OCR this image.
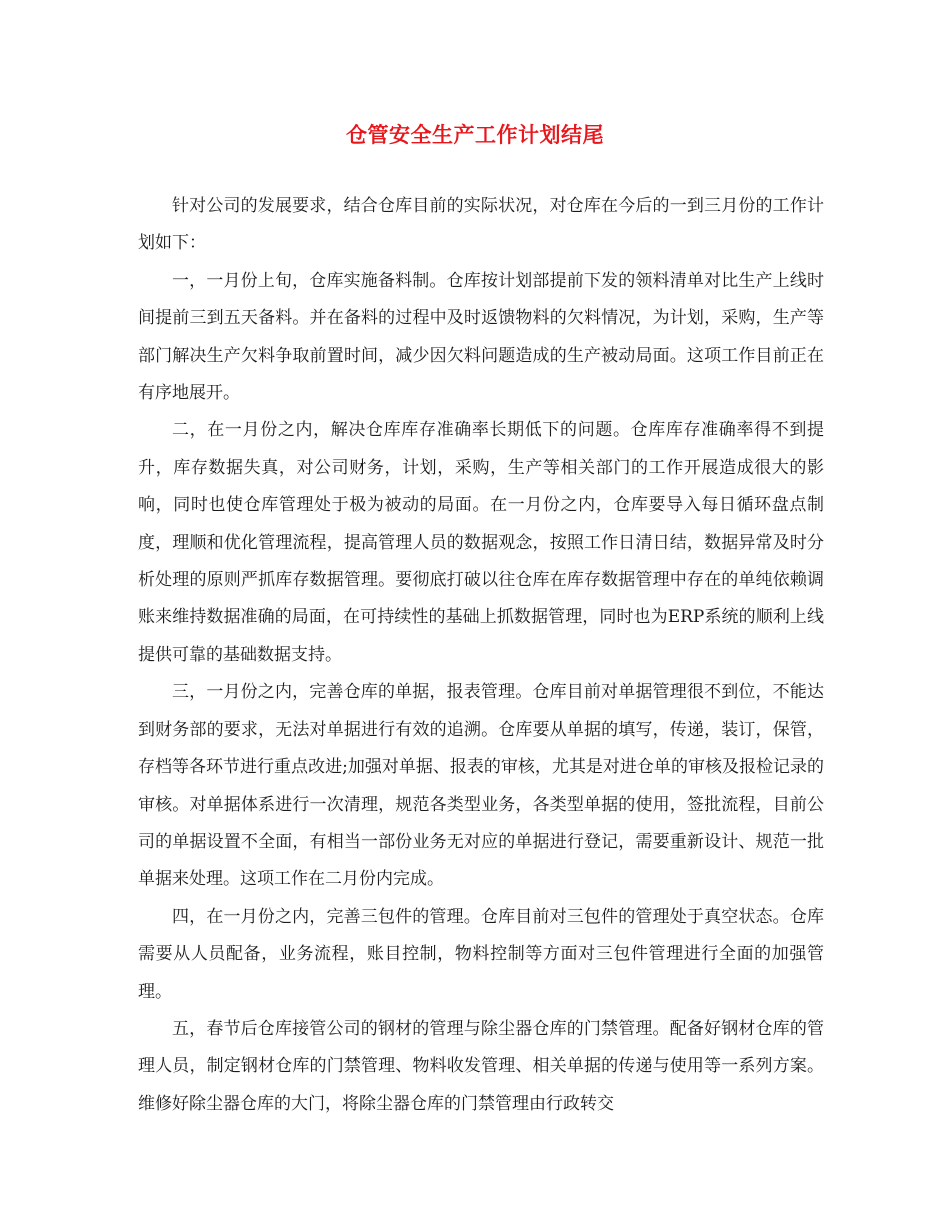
仓管安全生产工作计划结尾

针对公司的发展要求，结合仓库目前的实际状况，对仓库在今后的一到三月份的工作计划如下：

一，一月份上旬，仓库实施备料制。仓库按计划部提前下发的领料清单对比生产上线时间提前三到五天备料。并在备料的过程中及时返馈物料的欠料情况，为计划，采购，生产等部门解决生产欠料争取前置时间，减少因欠料问题造成的生产被动局面。这项工作目前正在有序地展开。

二，在一月份之内，解决仓库库存准确率长期低下的问题。仓库库存准确率得不到提升，库存数据失真，对公司财务，计划，采购，生产等相关部门的工作开展造成很大的影响，同时也使仓库管理处于极为被动的局面。在一月份之内，仓库要导入每日循环盘点制度，理顺和优化管理流程，提高管理人员的数据观念，按照工作日清日结，数据异常及时分析处理的原则严抓库存数据管理。要彻底打破以往仓库在库存数据管理中存在的单纯依赖调账来维持数据准确的局面，在可持续性的基础上抓数据管理，同时也为ERP系统的顺利上线提供可靠的基础数据支持。

三，一月份之内，完善仓库的单据，报表管理。仓库目前对单据管理很不到位，不能达到财务部的要求，无法对单据进行有效的追溯。仓库要从单据的填写，传递，装订，保管，存档等各环节进行重点改进;加强对单据、报表的审核，尤其是对进仓单的审核及报检记录的审核。对单据体系进行一次清理，规范各类型业务，各类型单据的使用，签批流程，目前公司的单据设置不全面，有相当一部份业务无对应的单据进行登记，需要重新设计、规范一批单据来处理。这项工作在二月份内完成。

四，在一月份之内，完善三包件的管理。仓库目前对三包件的管理处于真空状态。仓库需要从人员配备，业务流程，账目控制，物料控制等方面对三包件管理进行全面的加强管理。

五，春节后仓库接管公司的钢材的管理与除尘器仓库的门禁管理。配备好钢材仓库的管理人员，制定钢材仓库的门禁管理、物料收发管理、相关单据的传递与使用等一系列方案。维修好除尘器仓库的大门，将除尘器仓库的门禁管理由行政转交
